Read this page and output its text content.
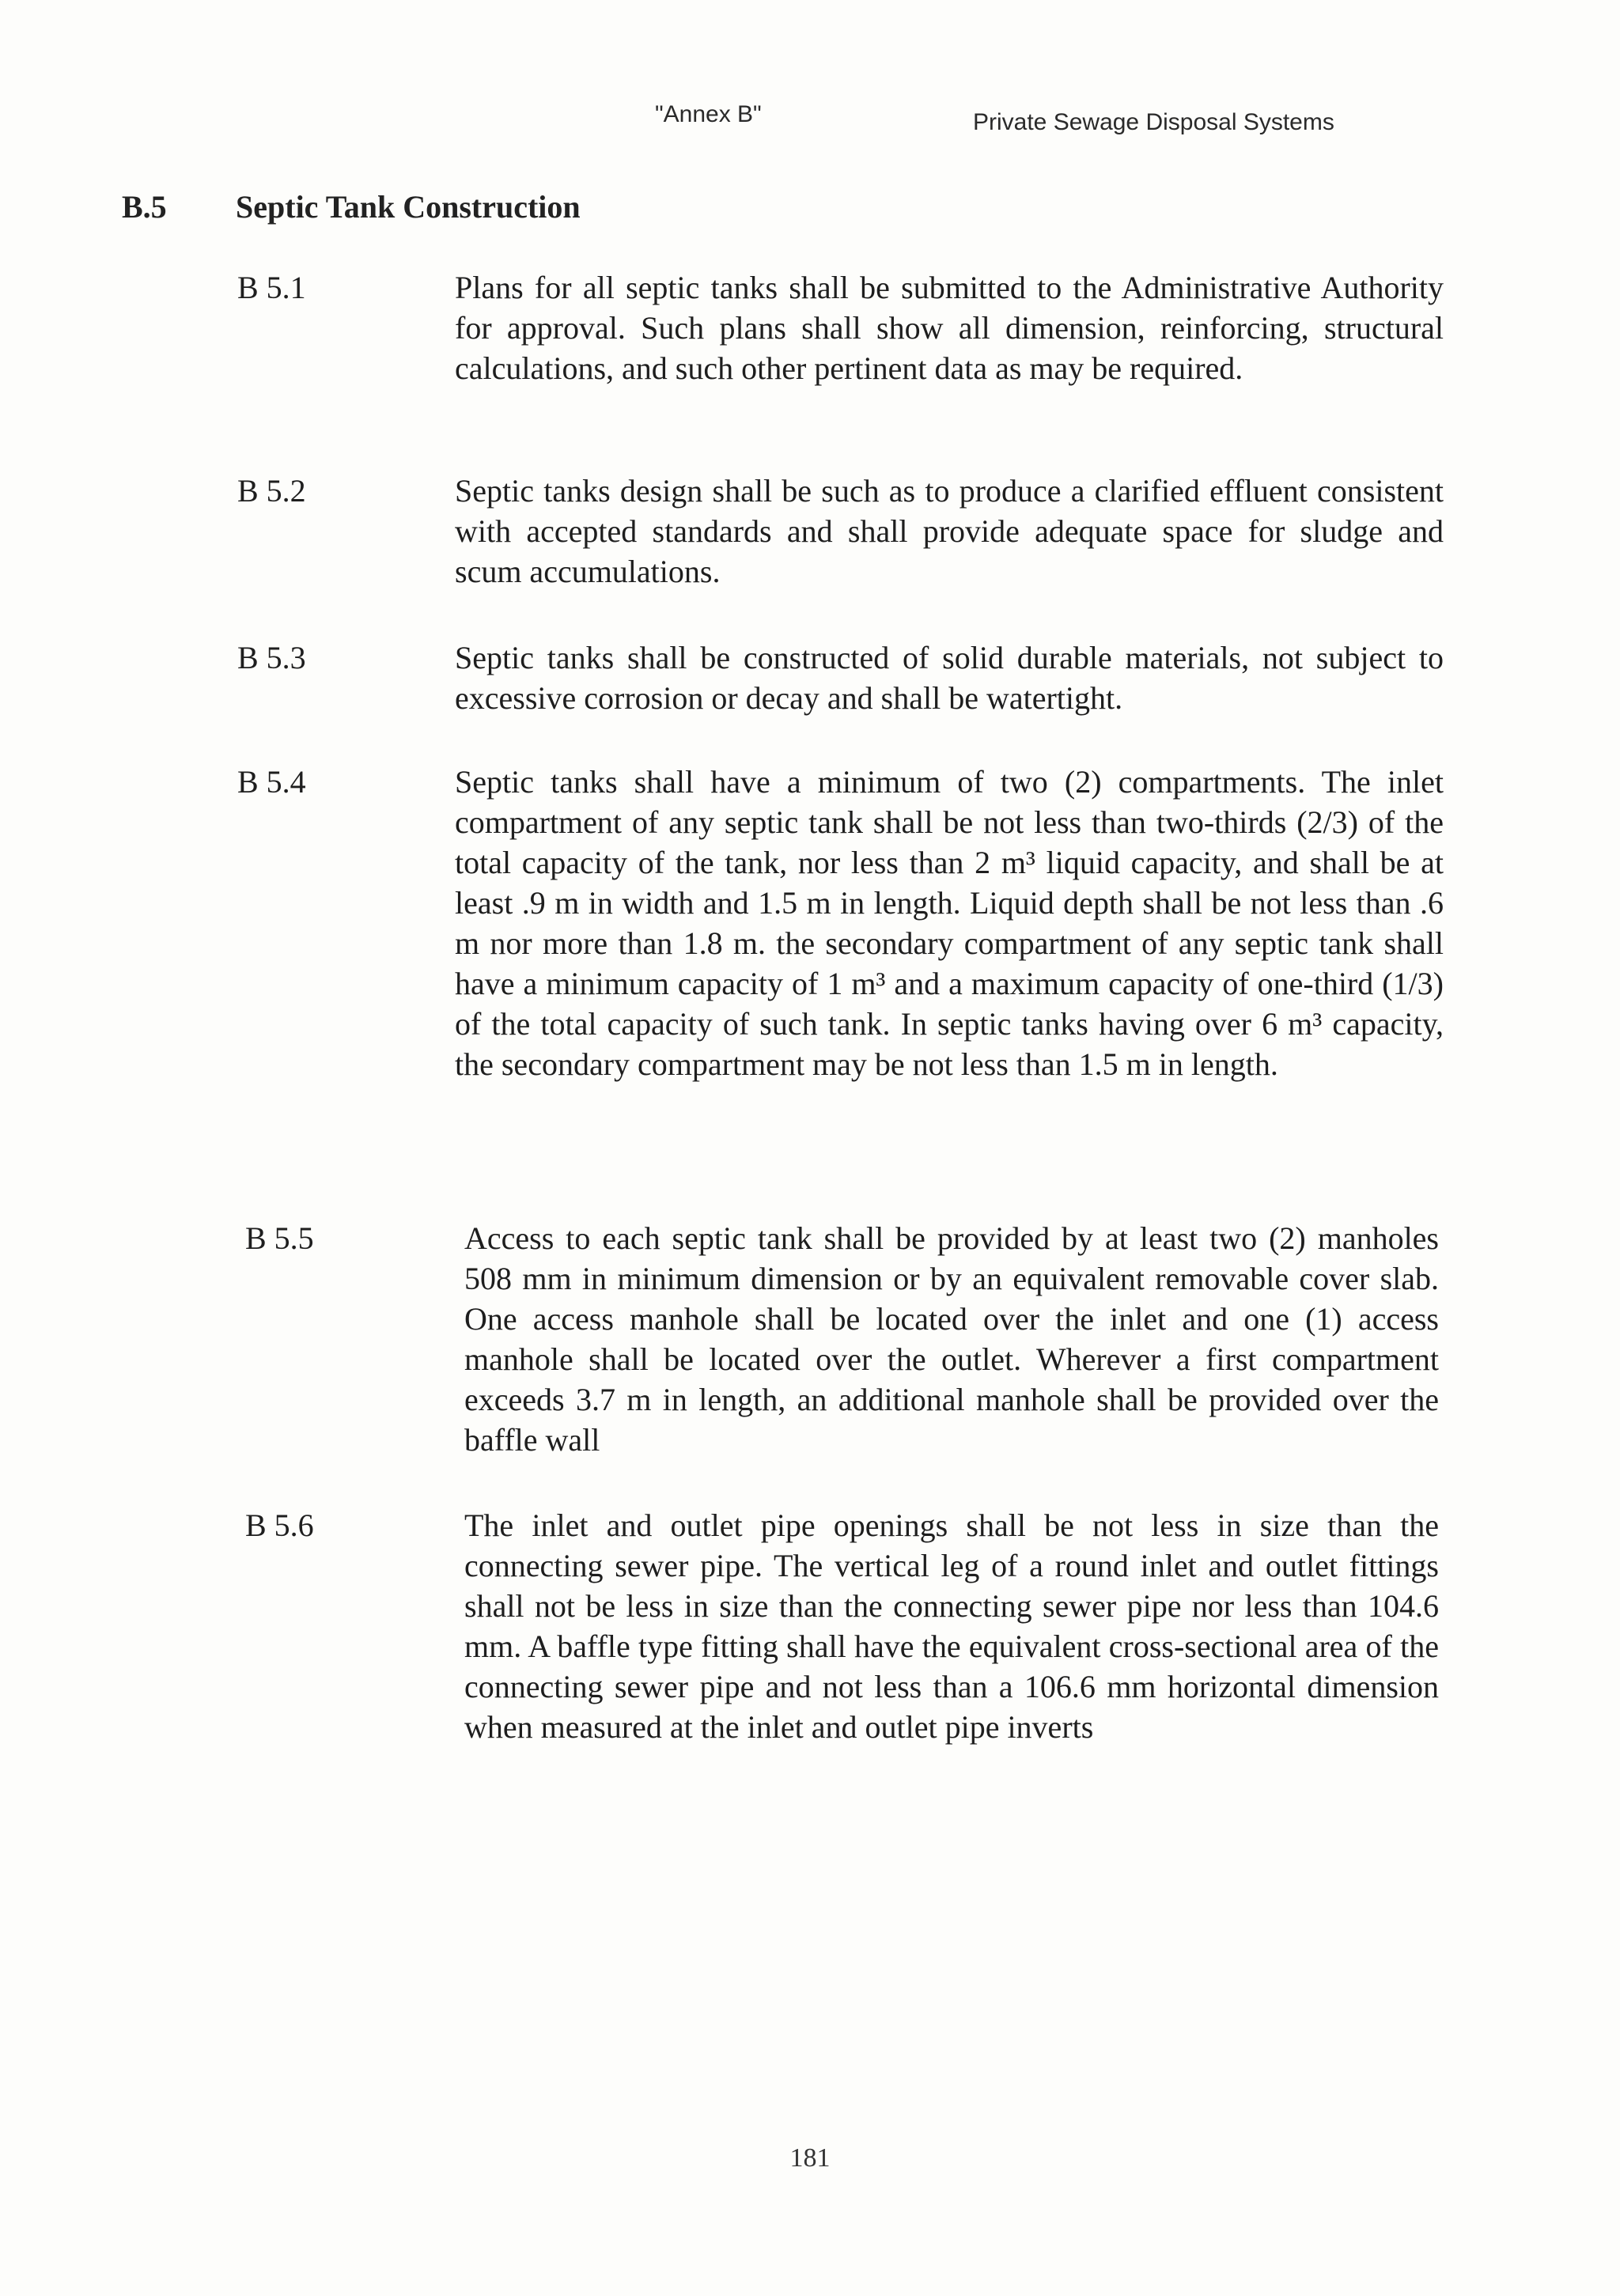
"Annex B"	Private Sewage Disposal Systems
B.5 Septic Tank Construction
B 5.1	Plans for all septic tanks shall be submitted to the Administrative Authority for approval. Such plans shall show all dimension, reinforcing, structural calculations, and such other pertinent data as may be required.
B 5.2	Septic tanks design shall be such as to produce a clarified effluent consistent with accepted standards and shall provide adequate space for sludge and scum accumulations.
B 5.3	Septic tanks shall be constructed of solid durable materials, not subject to excessive corrosion or decay and shall be watertight.
B 5.4	Septic tanks shall have a minimum of two (2) compartments. The inlet compartment of any septic tank shall be not less than two-thirds (2/3) of the total capacity of the tank, nor less than 2 m³ liquid capacity, and shall be at least .9 m in width and 1.5 m in length. Liquid depth shall be not less than .6 m nor more than 1.8 m. the secondary compartment of any septic tank shall have a minimum capacity of 1 m³ and a maximum capacity of one-third (1/3) of the total capacity of such tank. In septic tanks having over 6 m³ capacity, the secondary compartment may be not less than 1.5 m in length.
B 5.5	Access to each septic tank shall be provided by at least two (2) manholes 508 mm in minimum dimension or by an equivalent removable cover slab. One access manhole shall be located over the inlet and one (1) access manhole shall be located over the outlet. Wherever a first compartment exceeds 3.7 m in length, an additional manhole shall be provided over the baffle wall
B 5.6	The inlet and outlet pipe openings shall be not less in size than the connecting sewer pipe. The vertical leg of a round inlet and outlet fittings shall not be less in size than the connecting sewer pipe nor less than 104.6 mm. A baffle type fitting shall have the equivalent cross-sectional area of the connecting sewer pipe and not less than a 106.6 mm horizontal dimension when measured at the inlet and outlet pipe inverts
181
